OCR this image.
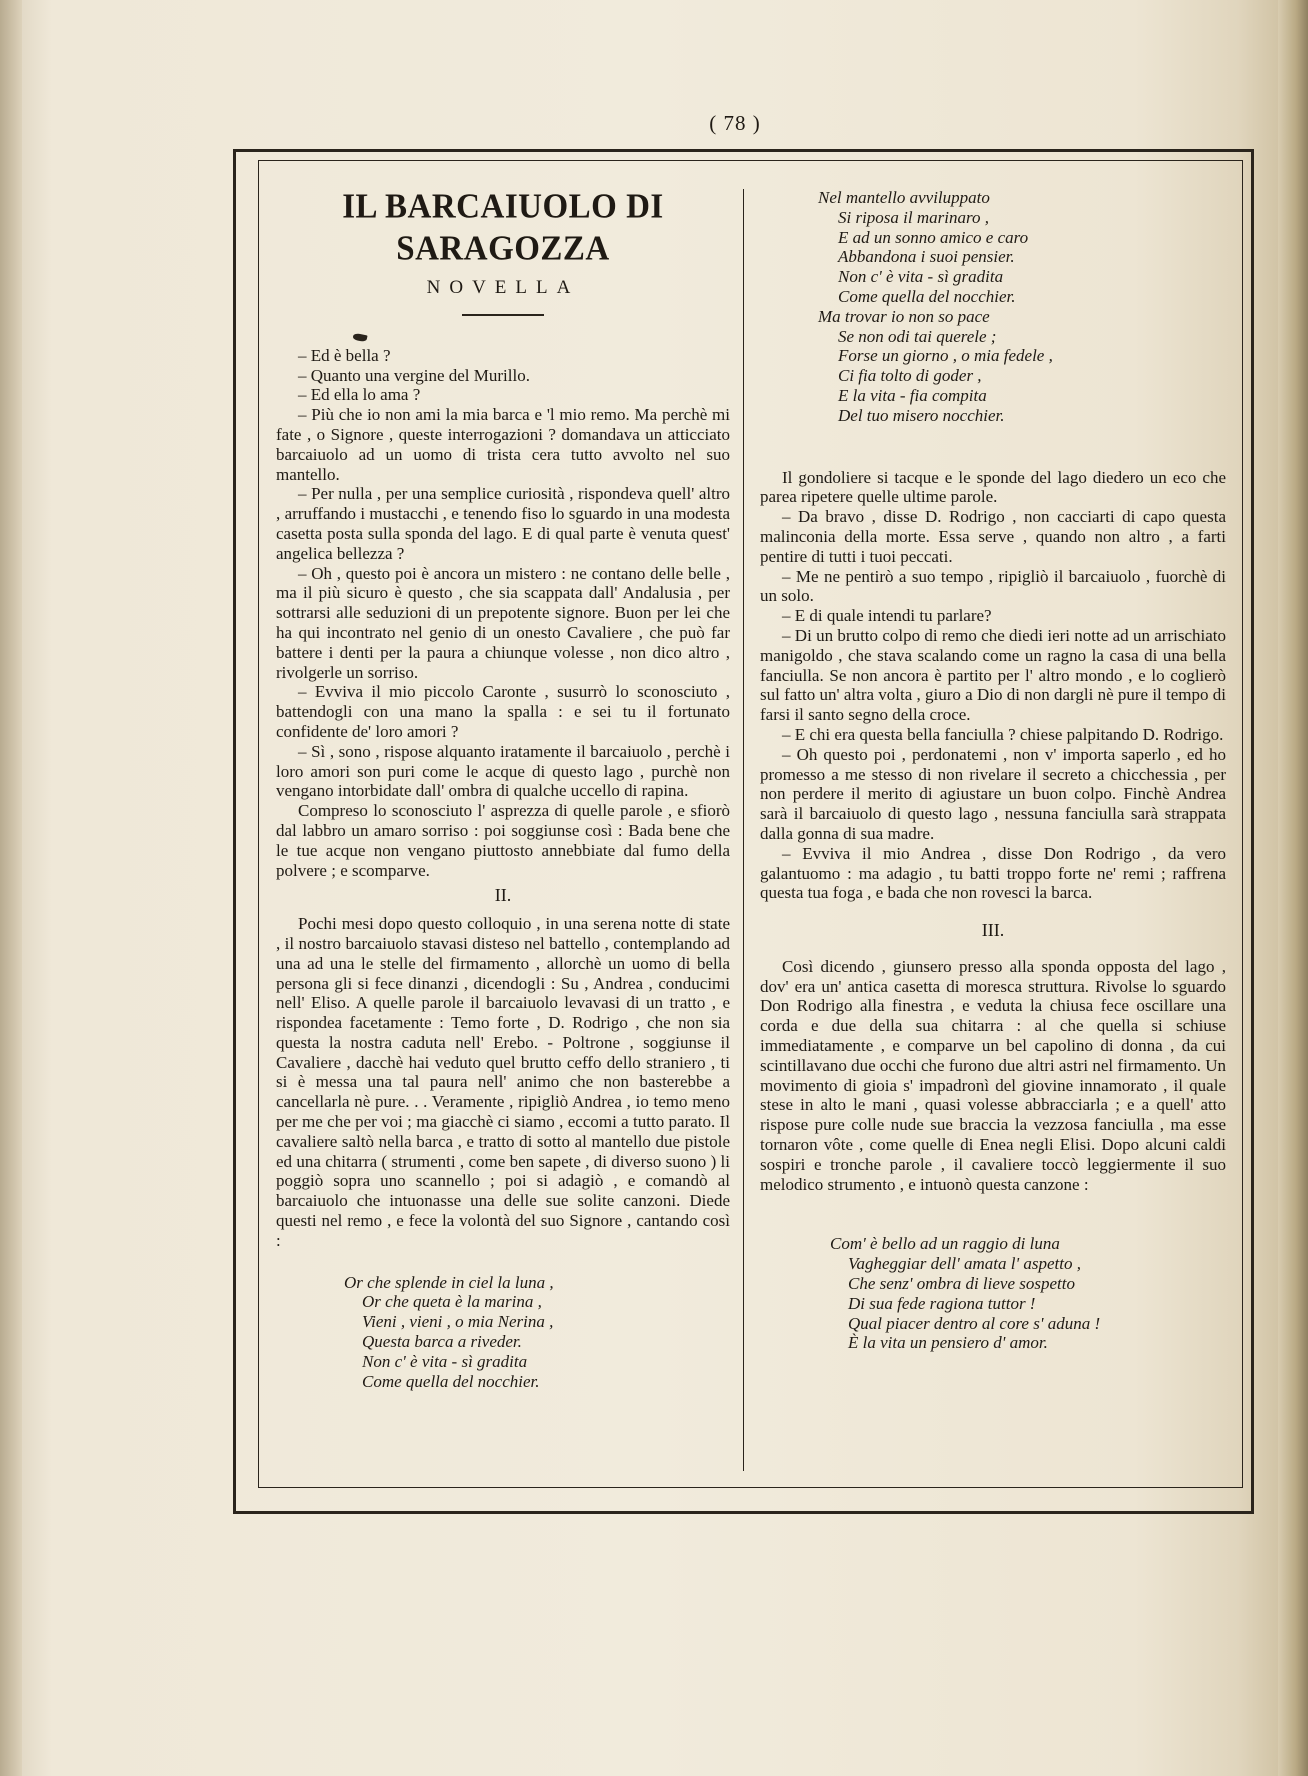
( 78 )
IL BARCAIUOLO DI SARAGOZZA
NOVELLA

– Ed è bella ?

– Quanto una vergine del Murillo.

– Ed ella lo ama ?

– Più che io non ami la mia barca e 'l mio remo. Ma perchè mi fate , o Signore , queste interrogazioni ? domandava un atticciato barcaiuolo ad un uomo di trista cera tutto avvolto nel suo mantello.

– Per nulla , per una semplice curiosità , rispondeva quell' altro , arruffando i mustacchi , e tenendo fiso lo sguardo in una modesta casetta posta sulla sponda del lago. E di qual parte è venuta quest' angelica bellezza ?

– Oh , questo poi è ancora un mistero : ne contano delle belle , ma il più sicuro è questo , che sia scappata dall' Andalusia , per sottrarsi alle seduzioni di un prepotente signore. Buon per lei che ha qui incontrato nel genio di un onesto Cavaliere , che può far battere i denti per la paura a chiunque volesse , non dico altro , rivolgerle un sorriso.

– Evviva il mio piccolo Caronte , susurrò lo sconosciuto , battendogli con una mano la spalla : e sei tu il fortunato confidente de' loro amori ?

– Sì , sono , rispose alquanto iratamente il barcaiuolo , perchè i loro amori son puri come le acque di questo lago , purchè non vengano intorbidate dall' ombra di qualche uccello di rapina.

Compreso lo sconosciuto l' asprezza di quelle parole , e sfiorò dal labbro un amaro sorriso : poi soggiunse così : Bada bene che le tue acque non vengano piuttosto annebbiate dal fumo della polvere ; e scomparve.

II.

Pochi mesi dopo questo colloquio , in una serena notte di state , il nostro barcaiuolo stavasi disteso nel battello , contemplando ad una ad una le stelle del firmamento , allorchè un uomo di bella persona gli si fece dinanzi , dicendogli : Su , Andrea , conducimi nell' Eliso. A quelle parole il barcaiuolo levavasi di un tratto , e rispondea facetamente : Temo forte , D. Rodrigo , che non sia questa la nostra caduta nell' Erebo. - Poltrone , soggiunse il Cavaliere , dacchè hai veduto quel brutto ceffo dello straniero , ti si è messa una tal paura nell' animo che non basterebbe a cancellarla nè pure. . . Veramente , ripigliò Andrea , io temo meno per me che per voi ; ma giacchè ci siamo , eccomi a tutto parato. Il cavaliere saltò nella barca , e tratto di sotto al mantello due pistole ed una chitarra ( strumenti , come ben sapete , di diverso suono ) li poggiò sopra uno scannello ; poi si adagiò , e comandò al barcaiuolo che intuonasse una delle sue solite canzoni. Diede questi nel remo , e fece la volontà del suo Signore , cantando così :

Or che splende in ciel la luna ,
Or che queta è la marina ,
Vieni , vieni , o mia Nerina ,
Questa barca a riveder.
Non c' è vita - sì gradita
Come quella del nocchier.
Nel mantello avviluppato
Si riposa il marinaro ,
E ad un sonno amico e caro
Abbandona i suoi pensier.
Non c' è vita - sì gradita
Come quella del nocchier.
Ma trovar io non so pace
Se non odi tai querele ;
Forse un giorno , o mia fedele ,
Ci fia tolto di goder ,
E la vita - fia compita
Del tuo misero nocchier.

Il gondoliere si tacque e le sponde del lago diedero un eco che parea ripetere quelle ultime parole.

– Da bravo , disse D. Rodrigo , non cacciarti di capo questa malinconia della morte. Essa serve , quando non altro , a farti pentire di tutti i tuoi peccati.

– Me ne pentirò a suo tempo , ripigliò il barcaiuolo , fuorchè di un solo.

– E di quale intendi tu parlare?

– Di un brutto colpo di remo che diedi ieri notte ad un arrischiato manigoldo , che stava scalando come un ragno la casa di una bella fanciulla. Se non ancora è partito per l' altro mondo , e lo coglierò sul fatto un' altra volta , giuro a Dio di non dargli nè pure il tempo di farsi il santo segno della croce.

– E chi era questa bella fanciulla ? chiese palpitando D. Rodrigo.

– Oh questo poi , perdonatemi , non v' importa saperlo , ed ho promesso a me stesso di non rivelare il secreto a chicchessia , per non perdere il merito di agiustare un buon colpo. Finchè Andrea sarà il barcaiuolo di questo lago , nessuna fanciulla sarà strappata dalla gonna di sua madre.

– Evviva il mio Andrea , disse Don Rodrigo , da vero galantuomo : ma adagio , tu batti troppo forte ne' remi ; raffrena questa tua foga , e bada che non rovesci la barca.

III.

Così dicendo , giunsero presso alla sponda opposta del lago , dov' era un' antica casetta di moresca struttura. Rivolse lo sguardo Don Rodrigo alla finestra , e veduta la chiusa fece oscillare una corda e due della sua chitarra : al che quella si schiuse immediatamente , e comparve un bel capolino di donna , da cui scintillavano due occhi che furono due altri astri nel firmamento. Un movimento di gioia s' impadronì del giovine innamorato , il quale stese in alto le mani , quasi volesse abbracciarla ; e a quell' atto rispose pure colle nude sue braccia la vezzosa fanciulla , ma esse tornaron vôte , come quelle di Enea negli Elisi. Dopo alcuni caldi sospiri e tronche parole , il cavaliere toccò leggiermente il suo melodico strumento , e intuonò questa canzone :

Com' è bello ad un raggio di luna
Vagheggiar dell' amata l' aspetto ,
Che senz' ombra di lieve sospetto
Di sua fede ragiona tuttor !
Qual piacer dentro al core s' aduna !
È la vita un pensiero d' amor.
